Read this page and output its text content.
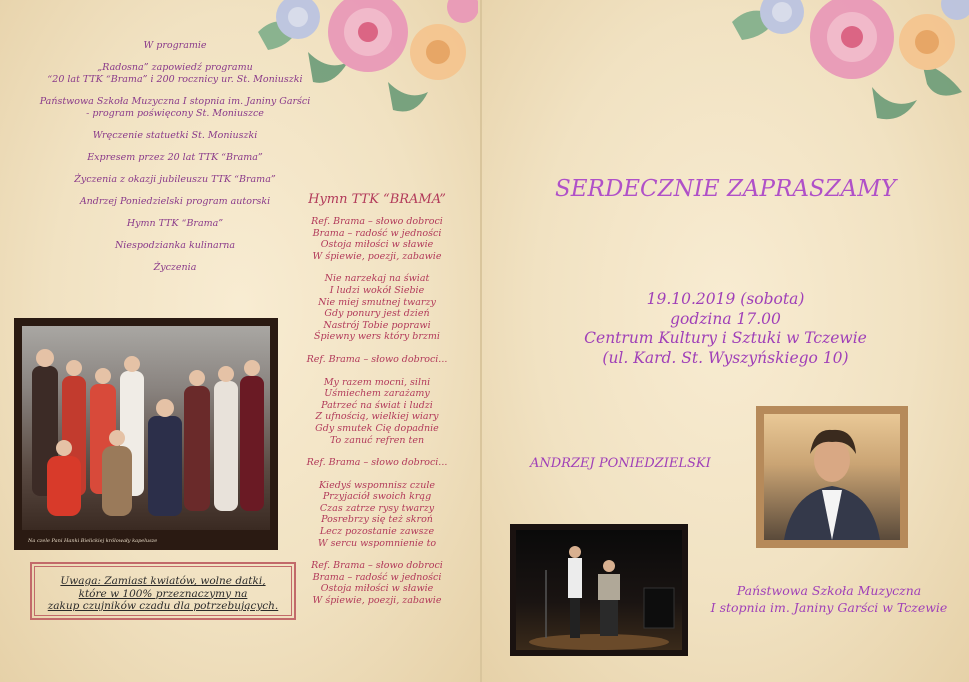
W programie
„Radosna” zapowiedź programu
“20 lat TTK “Brama” i 200 rocznicy ur. St. Moniuszki
Państwowa Szkoła Muzyczna I stopnia im. Janiny Garści
- program poświęcony St. Moniuszce
Wręczenie statuetki St. Moniuszki
Expresem przez 20 lat TTK “Brama”
Życzenia z okazji jubileuszu TTK “Brama”
Andrzej Poniedzielski program autorski
Hymn TTK “Brama”
Niespodzianka kulinarna
Życzenia
Hymn TTK “BRAMA”
Ref. Brama – słowo dobroci
Brama – radość w jedności
Ostoja miłości w sławie
W śpiewie, poezji, zabawie
Nie narzekaj na świat
I ludzi wokół Siebie
Nie miej smutnej twarzy
Gdy ponury jest dzień
Nastrój Tobie poprawi
Śpiewny wers który brzmi
Ref. Brama – słowo dobroci...
My razem mocni, silni
Uśmiechem zarażamy
Patrzeć na świat i ludzi
Z ufnością, wielkiej wiary
Gdy smutek Cię dopadnie
To zanuć refren ten
Ref. Brama – słowo dobroci...
Kiedyś wspomnisz czule
Przyjaciół swoich krąg
Czas zatrze rysy twarzy
Posrebrzy się też skroń
Lecz pozostanie zawsze
W sercu wspomnienie to
Ref. Brama – słowo dobroci
Brama – radość w jedności
Ostoja miłości w sławie
W śpiewie, poezji, zabawie
Na czele Pani Hanki Bielickiej królowały kapelusze
Uwaga: Zamiast kwiatów, wolne datki,
które w 100% przeznaczymy na
zakup czujników czadu dla potrzebujących.
SERDECZNIE ZAPRASZAMY
19.10.2019 (sobota)
godzina 17.00
Centrum Kultury i Sztuki w Tczewie
(ul. Kard. St. Wyszyńskiego 10)
ANDRZEJ PONIEDZIELSKI
Państwowa Szkoła Muzyczna
I stopnia im. Janiny Garści w Tczewie
